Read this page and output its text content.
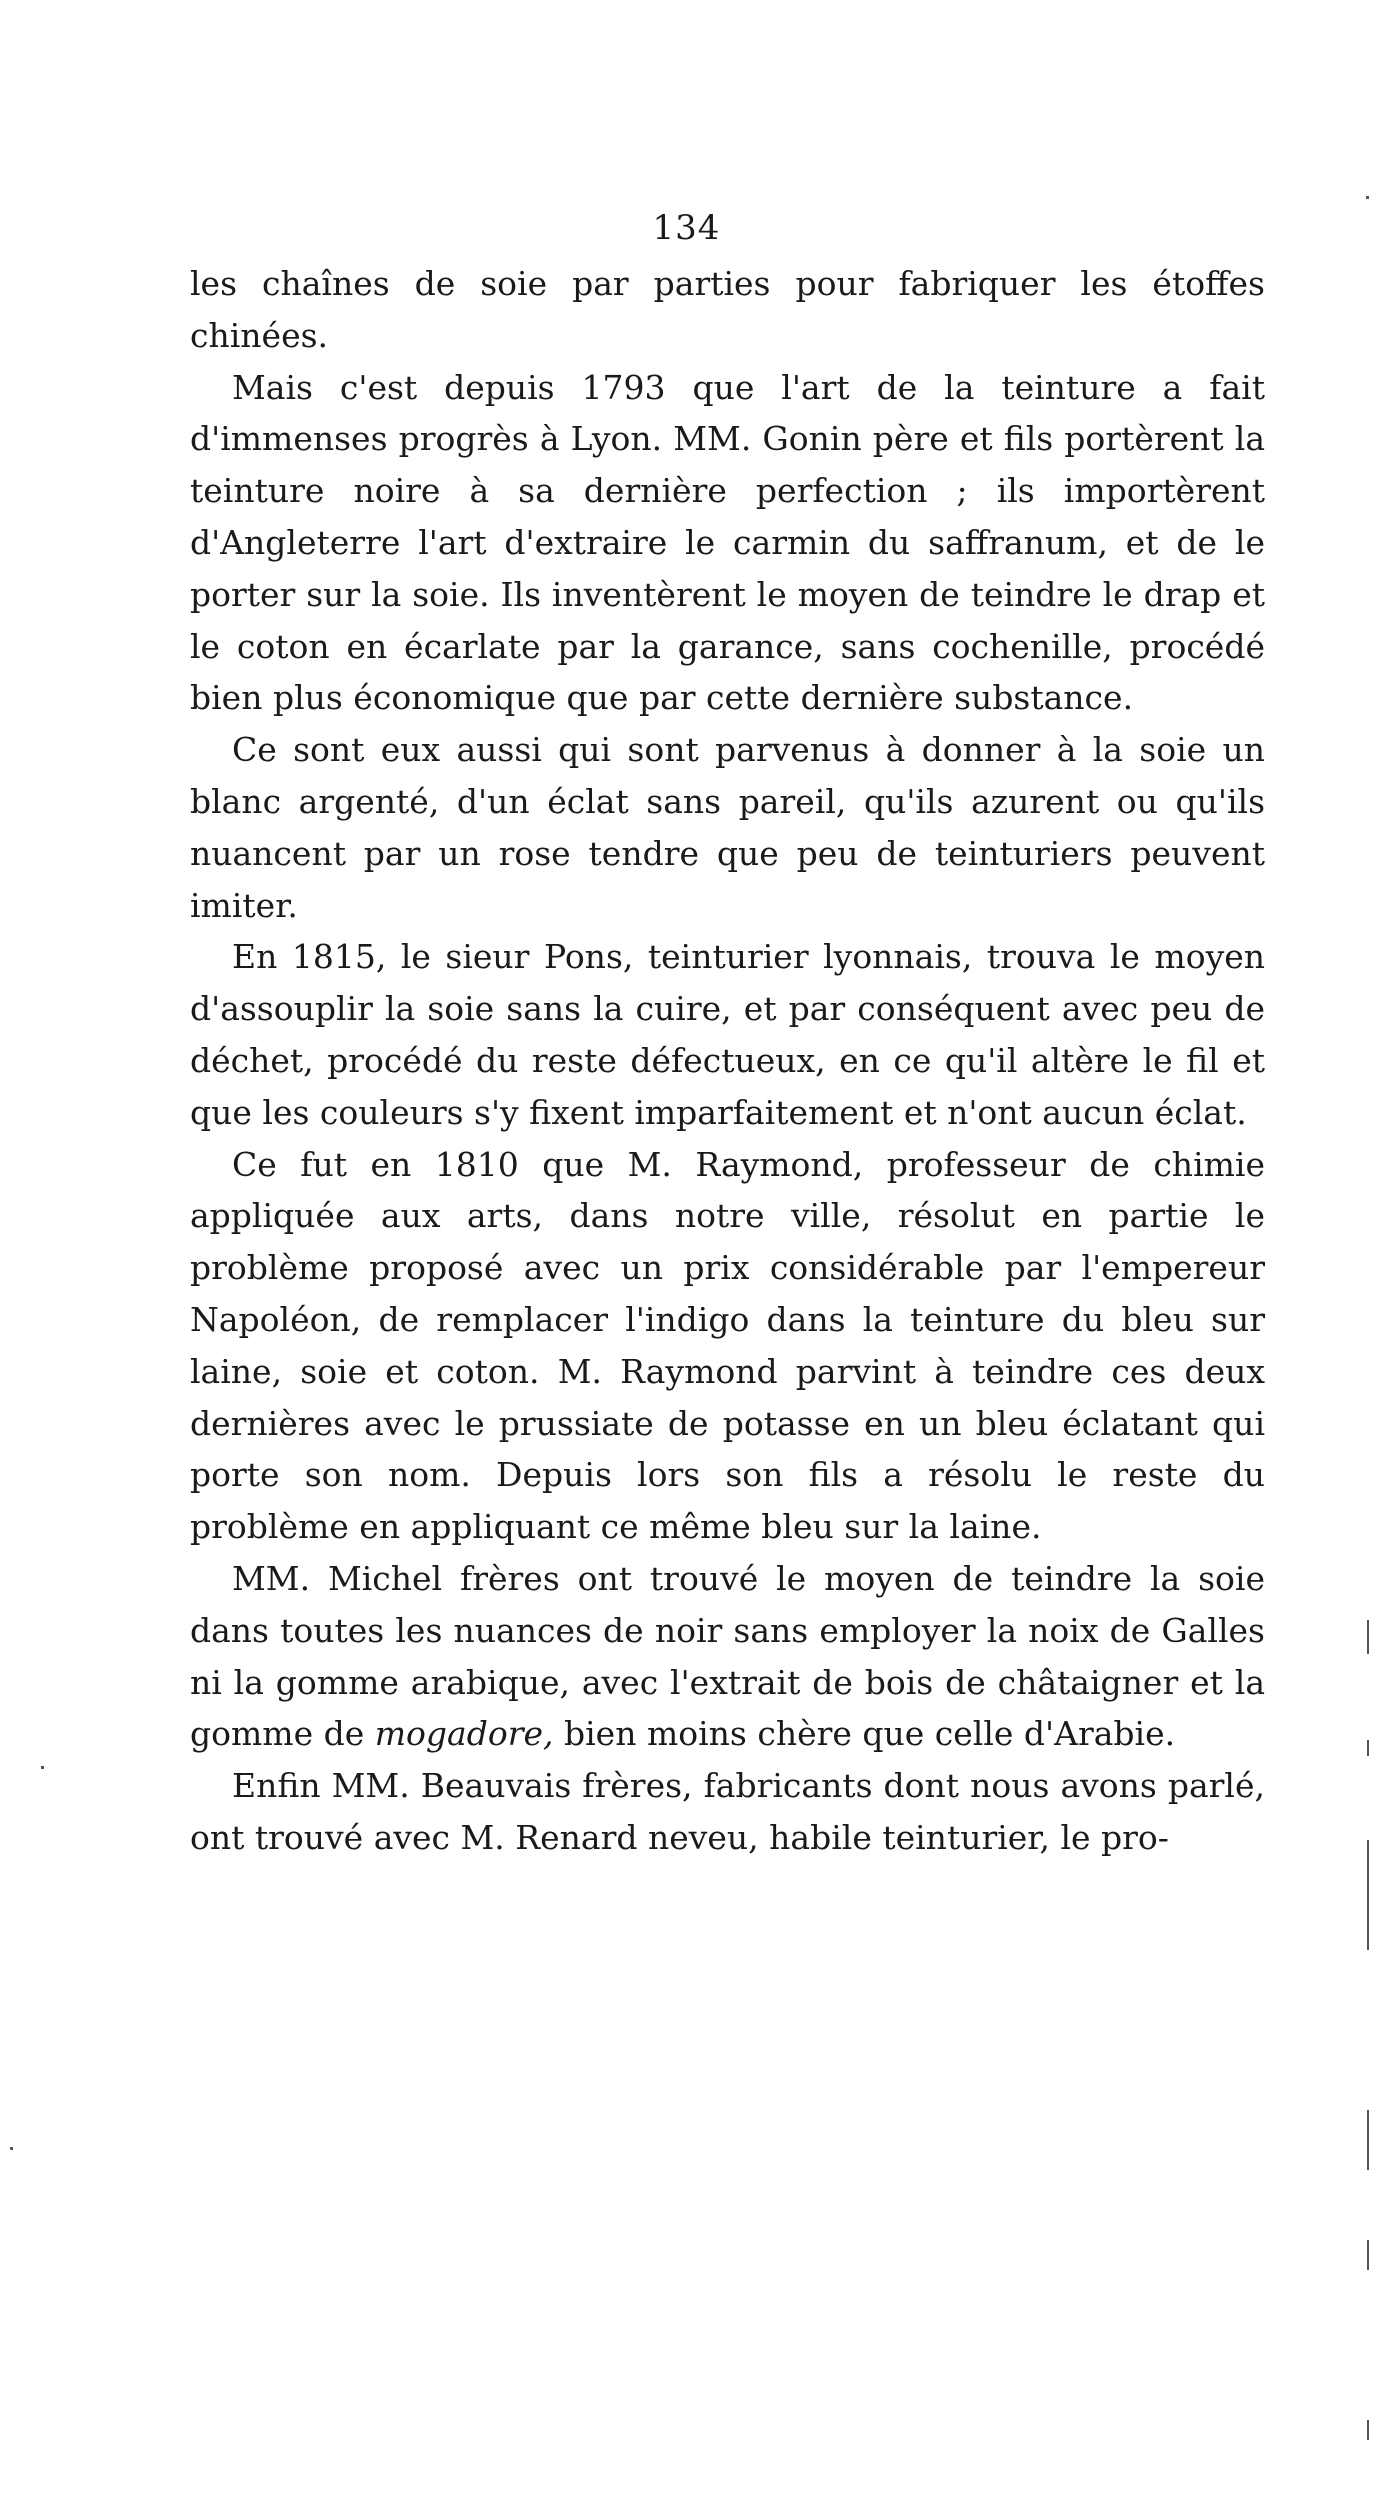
134

les chaînes de soie par parties pour fabriquer les étoffes chinées.

Mais c'est depuis 1793 que l'art de la teinture a fait d'immenses progrès à Lyon. MM. Gonin père et fils portèrent la teinture noire à sa dernière perfection ; ils importèrent d'Angleterre l'art d'extraire le carmin du saffranum, et de le porter sur la soie. Ils inventèrent le moyen de teindre le drap et le coton en écarlate par la garance, sans cochenille, procédé bien plus économique que par cette dernière substance.

Ce sont eux aussi qui sont parvenus à donner à la soie un blanc argenté, d'un éclat sans pareil, qu'ils azurent ou qu'ils nuancent par un rose tendre que peu de teinturiers peuvent imiter.

En 1815, le sieur Pons, teinturier lyonnais, trouva le moyen d'assouplir la soie sans la cuire, et par conséquent avec peu de déchet, procédé du reste défectueux, en ce qu'il altère le fil et que les couleurs s'y fixent imparfaitement et n'ont aucun éclat.

Ce fut en 1810 que M. Raymond, professeur de chimie appliquée aux arts, dans notre ville, résolut en partie le problème proposé avec un prix considérable par l'empereur Napoléon, de remplacer l'indigo dans la teinture du bleu sur laine, soie et coton. M. Raymond parvint à teindre ces deux dernières avec le prussiate de potasse en un bleu éclatant qui porte son nom. Depuis lors son fils a résolu le reste du problème en appliquant ce même bleu sur la laine.

MM. Michel frères ont trouvé le moyen de teindre la soie dans toutes les nuances de noir sans employer la noix de Galles ni la gomme arabique, avec l'extrait de bois de châtaigner et la gomme de mogadore, bien moins chère que celle d'Arabie.

Enfin MM. Beauvais frères, fabricants dont nous avons parlé, ont trouvé avec M. Renard neveu, habile teinturier, le pro-
